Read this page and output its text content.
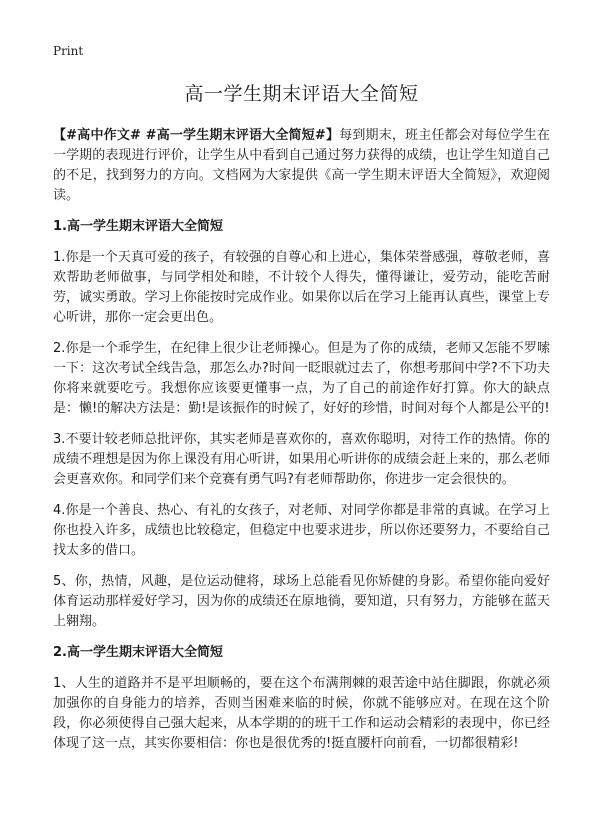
Print
高一学生期末评语大全简短

【#高中作文# #高一学生期末评语大全简短#】每到期末，班主任都会对每位学生在一学期的表现进行评价，让学生从中看到自己通过努力获得的成绩，也让学生知道自己的不足，找到努力的方向。文档网为大家提供《高一学生期末评语大全简短》，欢迎阅读。

1.高一学生期末评语大全简短

1.你是一个天真可爱的孩子，有较强的自尊心和上进心，集体荣誉感强，尊敬老师，喜欢帮助老师做事，与同学相处和睦，不计较个人得失，懂得谦让，爱劳动，能吃苦耐劳，诚实勇敢。学习上你能按时完成作业。如果你以后在学习上能再认真些，课堂上专心听讲，那你一定会更出色。

2.你是一个乖学生，在纪律上很少让老师操心。但是为了你的成绩，老师又怎能不罗嗦一下：这次考试全线告急，那怎么办?时间一眨眼就过去了，你想考那间中学?不下功夫你将来就要吃亏。我想你应该要更懂事一点，为了自己的前途作好打算。你大的缺点是：懒!的解决方法是：勤!是该振作的时候了，好好的珍惜，时间对每个人都是公平的!

3.不要计较老师总批评你，其实老师是喜欢你的，喜欢你聪明，对待工作的热情。你的成绩不理想是因为你上课没有用心听讲，如果用心听讲你的成绩会赶上来的，那么老师会更喜欢你。和同学们来个竞赛有勇气吗?有老师帮助你，你进步一定会很快的。

4.你是一个善良、热心、有礼的女孩子，对老师、对同学你都是非常的真诚。在学习上你也投入许多，成绩也比较稳定，但稳定中也要求进步，所以你还要努力，不要给自己找太多的借口。

5、你，热情，风趣，是位运动健将，球场上总能看见你矫健的身影。希望你能向爱好体育运动那样爱好学习，因为你的成绩还在原地徜，要知道，只有努力，方能够在蓝天上翱翔。

2.高一学生期末评语大全简短

1、人生的道路并不是平坦顺畅的，要在这个布满荆棘的艰苦途中站住脚跟，你就必须加强你的自身能力的培养，否则当困难来临的时候，你就不能够应对。在现在这个阶段，你必须使得自己强大起来，从本学期的的班干工作和运动会精彩的表现中，你已经体现了这一点，其实你要相信：你也是很优秀的!挺直腰杆向前看，一切都很精彩!
